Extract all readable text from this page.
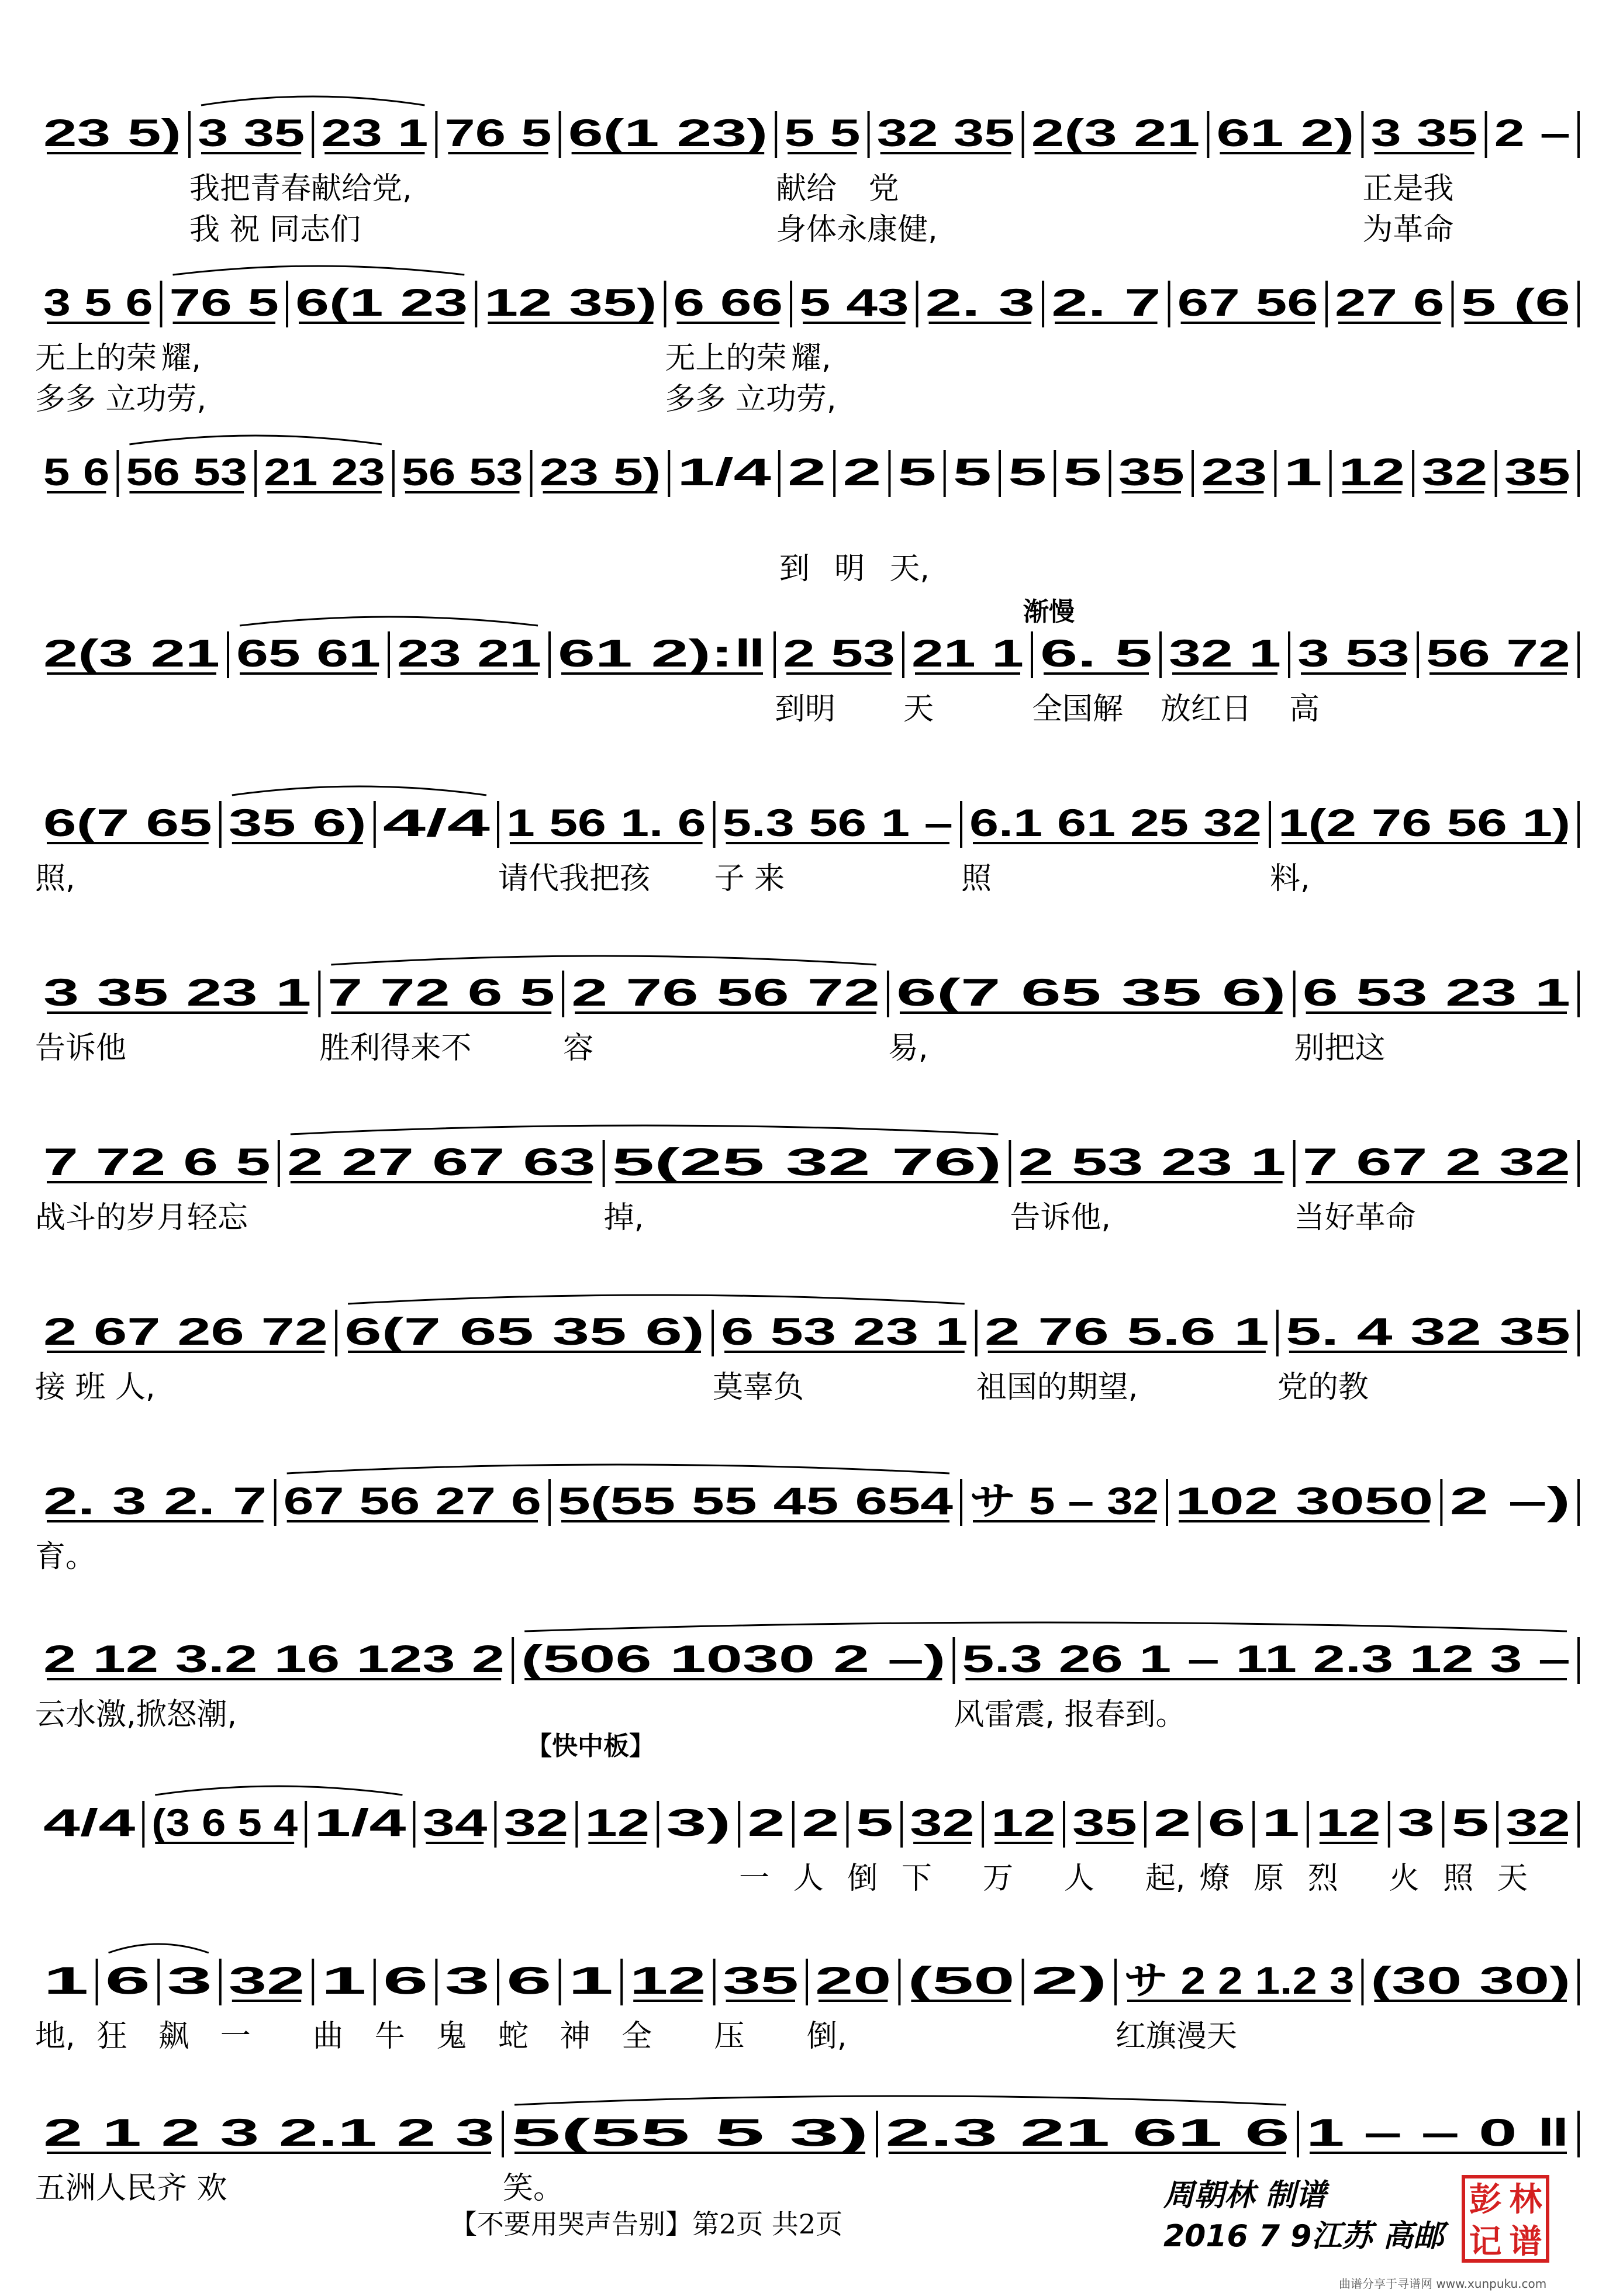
23 5) 3 35 23 1 76 5 6(1 23) 5 5 32 35 2(3 21 61 2) 3 35 2 –
我把青春献给党,	献给 党	正是我
我 祝 同志们	身体永康健,	为革命
3 5 6 76 5 6(1 23 12 35) 6 66 5 43 2. 3 2. 7 67 56 27 6 5 (6
无上的荣 耀,	无上的荣 耀,
多多 立功劳,	多多 立功劳,
5 6 56 53 21 23 56 53 23 5) 1/4 2 2 5 5 5 5 35 23 1 12 32 35
到 明 天,
2(3 21 65 61 23 21 61 2):‖ 2 53 21 1 6. 5 32 1 3 53 56 72
到明 天	全国解 放红日 高
6(7 65 35 6) 4/4 1 56 1. 6 5.3 56 1 – 6.1 61 25 32 1(2 76 56 1)
照,	请代我把孩 子 来	照	料,
3 35 23 1 7 72 6 5 2 76 56 72 6(7 65 35 6) 6 53 23 1
告诉他	胜利得来不	容	易,	别把这
7 72 6 5 2 27 67 63 5(25 32 76) 2 53 23 1 7 67 2 32
战斗的岁月轻忘	掉,	告诉他,	当好革命
2 67 26 72 6(7 65 35 6) 6 53 23 1 2 76 5.6 1 5. 4 32 35
接 班 人,	莫辜负	祖国的期望,	党的教
2. 3 2. 7 67 56 27 6 5(55 55 45 654 サ 5 – 32 102 3050 2 –)
育。
2 12 3.2 16 123 2 (506 1030 2 –) 5.3 26 1 – 11 2.3 12 3 –
云水激,掀怒潮,	风雷震, 报春到。
4/4 (3 6 5 4 1/4 34 32 12 3) 2 2 5 32 12 35 2 6 1 12 3 5 32
一 人 倒 下 万 人 起, 燎 原 烈 火 照 天
1 6 3 32 1 6 3 6 1 12 35 20 (50 2) サ 2 2 1.2 3 (30 30)
地, 狂 飙 一 曲 牛 鬼 蛇 神 全 压 倒,	红旗漫天
2 1 2 3 2.1 2 3 5(55 5 3) 2.3 21 61 6 1 – – 0 ‖
五洲人民齐 欢	笑。
【不要用哭声告别】第2页 共2页
周朝林 制谱
2016 7 9江苏 高邮
彭 林
记 谱
曲谱分享于寻谱网 www.xunpuku.com
渐慢
【快中板】
